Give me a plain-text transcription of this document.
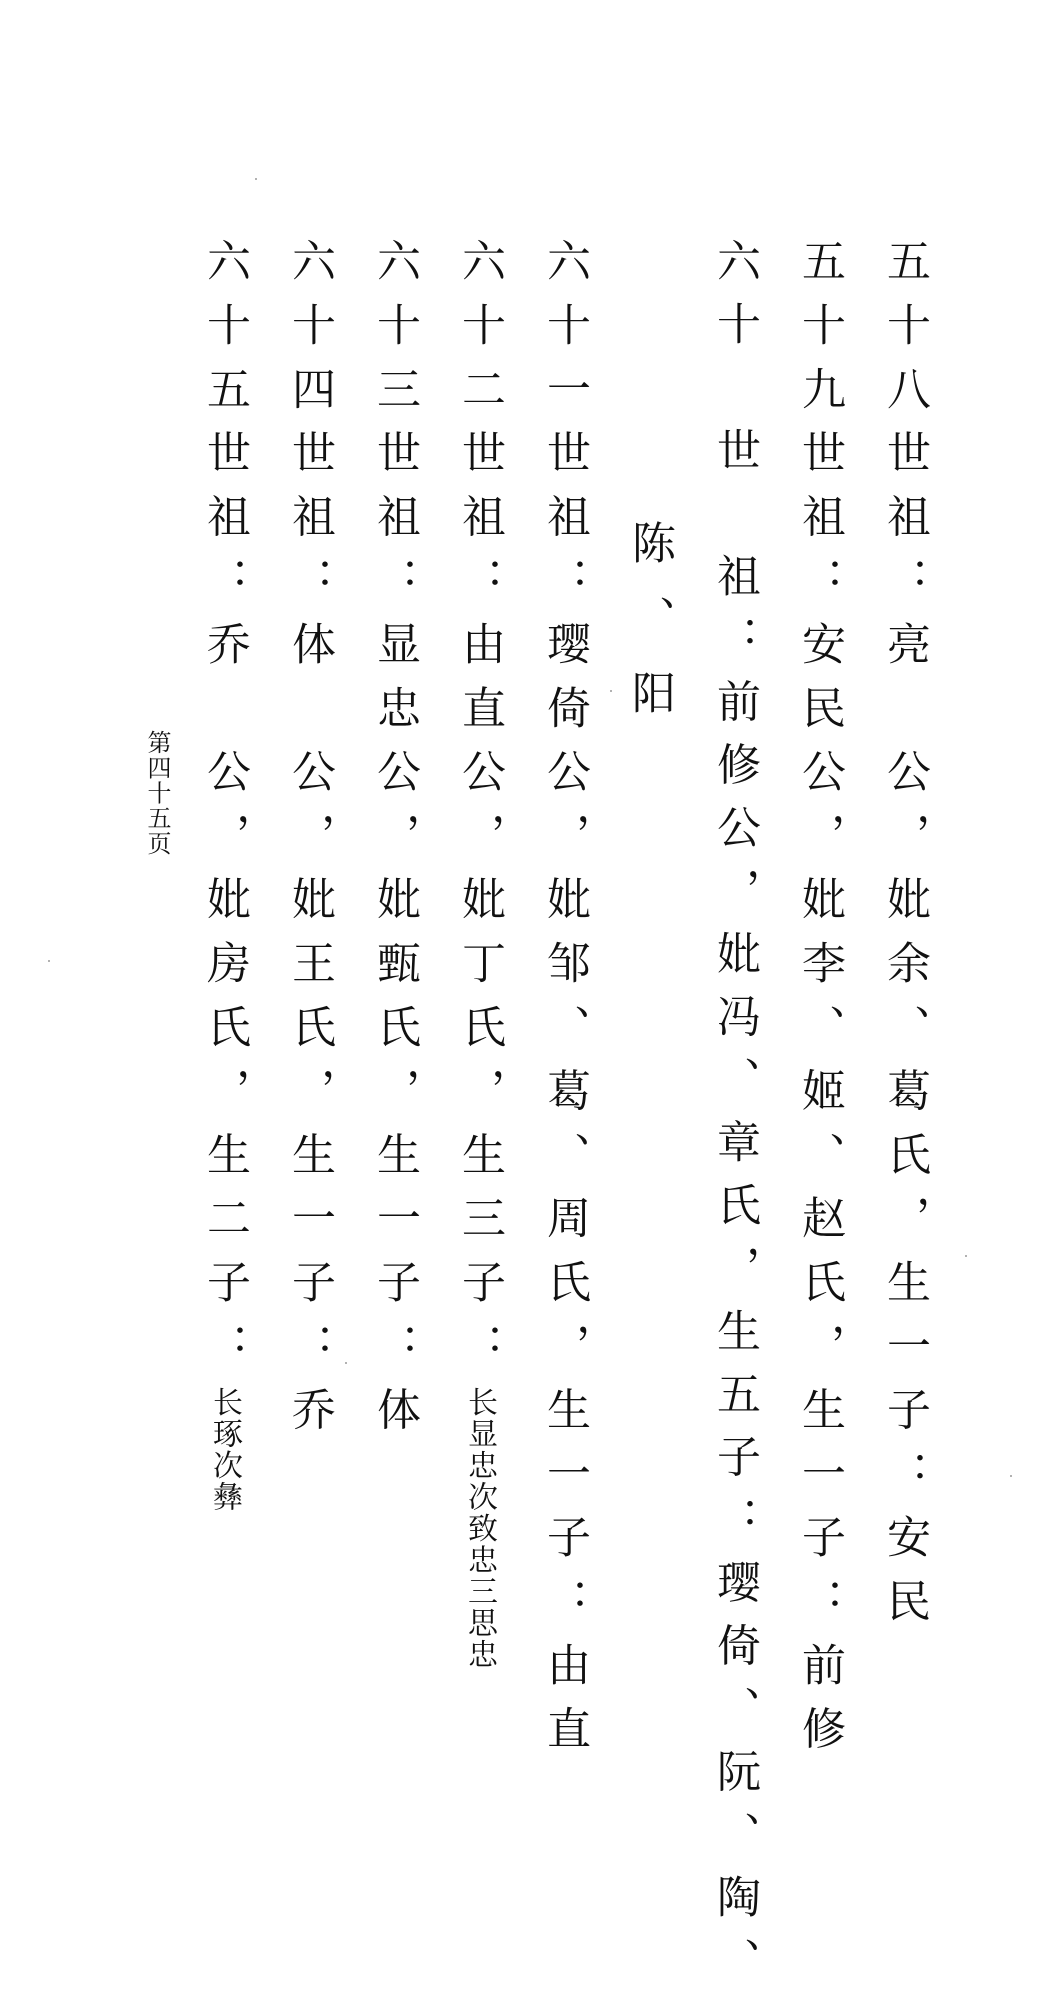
五十八世祖：亮　公，妣余、葛氏，生一子：安民
五十九世祖：安民公，妣李、姬、赵氏，生一子：前修
六十　世　祖：前修公，妣冯、章氏，生五子：璎倚、阮、陶、
陈、阳
六十一世祖：璎倚公，妣邹、葛、周氏，生一子：由直
六十二世祖：由直公，妣丁氏，生三子：长显忠次致忠三思忠
六十三世祖：显忠公，妣甄氏，生一子：体
六十四世祖：体　公，妣王氏，生一子：乔
六十五世祖：乔　公，妣房氏，生二子：长琢次彝
第四十五页
